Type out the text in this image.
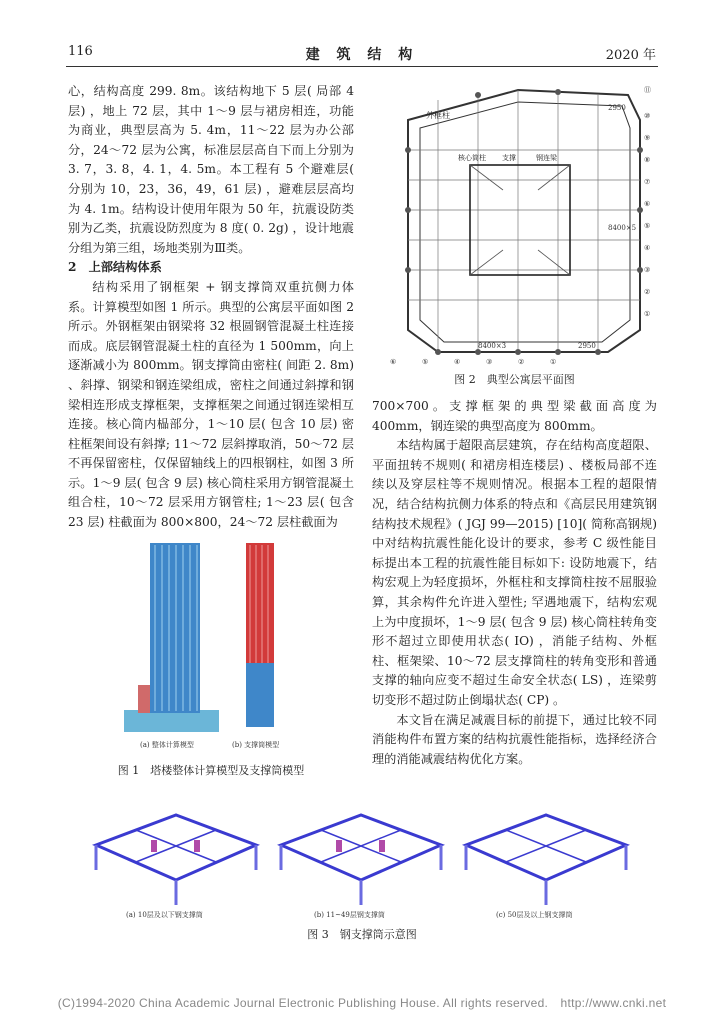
116	建 筑 结 构	2020 年

心，结构高度 299. 8m。该结构地下 5 层( 局部 4 层) ，地上 72 层，其中 1～9 层与裙房相连，功能为商业，典型层高为 5. 4m，11～22 层为办公部分，24～72 层为公寓，标准层层高自下而上分别为 3. 7，3. 8，4. 1，4. 5m。本工程有 5 个避难层( 分别为 10，23，36，49，61 层) ，避难层层高均为 4. 1m。结构设计使用年限为 50 年，抗震设防类别为乙类，抗震设防烈度为 8 度( 0. 2g) ，设计地震分组为第三组，场地类别为Ⅲ类。

2　上部结构体系

结构采用了钢框架 + 钢支撑筒双重抗侧力体系。计算模型如图 1 所示。典型的公寓层平面如图 2 所示。外钢框架由钢梁将 32 根圆钢管混凝土柱连接而成。底层钢管混凝土柱的直径为 1 500mm，向上逐渐减小为 800mm。钢支撑筒由密柱( 间距 2. 8m) 、斜撑、钢梁和钢连梁组成，密柱之间通过斜撑和钢梁相连形成支撑框架，支撑框架之间通过钢连梁相互连接。核心筒内榀部分，1～10 层( 包含 10 层) 密柱框架间设有斜撑; 11～72 层斜撑取消，50～72 层不再保留密柱，仅保留轴线上的四根钢柱，如图 3 所示。1～9 层( 包含 9 层) 核心筒柱采用方钢管混凝土组合柱，10～72 层采用方钢管柱; 1～23 层( 包含 23 层) 柱截面为 800×800，24～72 层柱截面为

外框柱
核心筒柱 支撑	钢连梁
⑪
⑩
⑨
⑧
⑦
⑥
⑤
④
③
②
①
⑥	⑤	④	③	②	①
2950
8400×3
8400×5
2950
图 2　典型公寓层平面图

700×700。支撑框架的典型梁截面高度为 400mm，钢连梁的典型高度为 800mm。

本结构属于超限高层建筑，存在结构高度超限、平面扭转不规则( 和裙房相连楼层) 、楼板局部不连续以及穿层柱等不规则情况。根据本工程的超限情况，结合结构抗侧力体系的特点和《高层民用建筑钢结构技术规程》( JGJ 99—2015) [10]( 简称高钢规) 中对结构抗震性能化设计的要求，参考 C 级性能目标提出本工程的抗震性能目标如下: 设防地震下，结构宏观上为轻度损坏，外框柱和支撑筒柱按不屈服验算，其余构件允许进入塑性; 罕遇地震下，结构宏观上为中度损坏，1～9 层( 包含 9 层) 核心筒柱转角变形不超过立即使用状态( IO) ，消能子结构、外框柱、框架梁、10～72 层支撑筒柱的转角变形和普通支撑的轴向应变不超过生命安全状态( LS) ，连梁剪切变形不超过防止倒塌状态( CP) 。

本文旨在满足减震目标的前提下，通过比较不同消能构件布置方案的结构抗震性能指标，选择经济合理的消能减震结构优化方案。

(a) 整体计算模型	(b) 支撑筒模型
图 1　塔楼整体计算模型及支撑筒模型
(a) 10层及以下钢支撑筒	(b) 11~49层钢支撑筒	(c) 50层及以上钢支撑筒
图 3　钢支撑筒示意图
(C)1994-2020 China Academic Journal Electronic Publishing House. All rights reserved.　http://www.cnki.net
